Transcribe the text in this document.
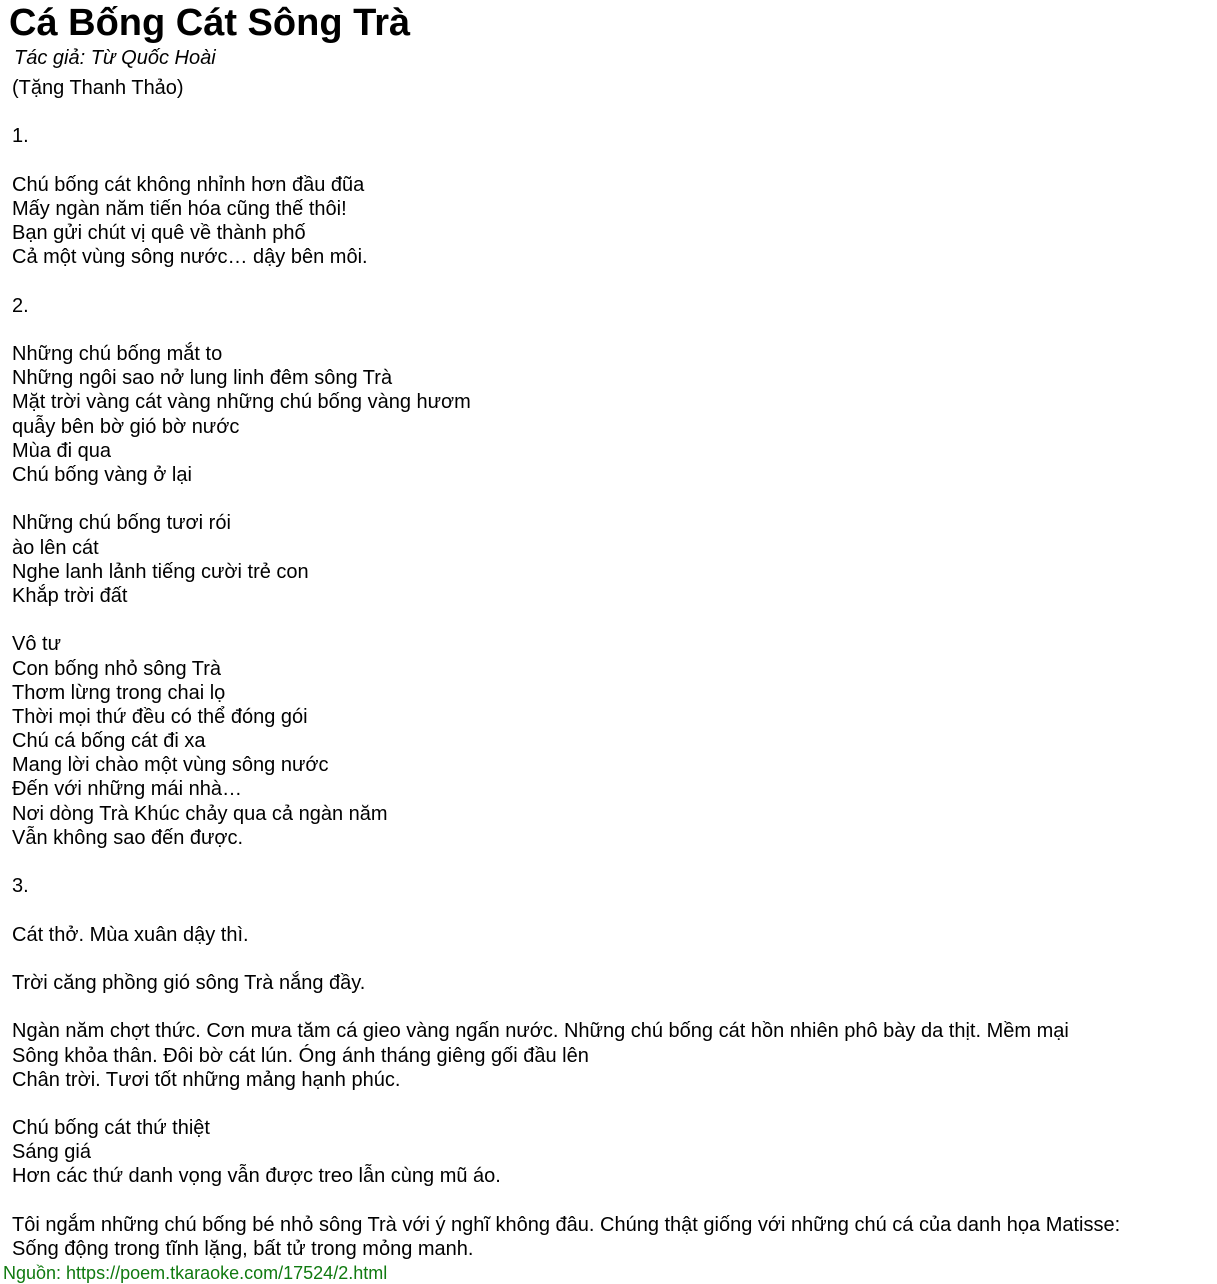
Cá Bống Cát Sông Trà
Tác giả: Từ Quốc Hoài
(Tặng Thanh Thảo)
1.
Chú bống cát không nhỉnh hơn đầu đũa
Mấy ngàn năm tiến hóa cũng thế thôi!
Bạn gửi chút vị quê về thành phố
Cả một vùng sông nước… dậy bên môi.
2.
Những chú bống mắt to
Những ngôi sao nở lung linh đêm sông Trà
Mặt trời vàng cát vàng những chú bống vàng hươm
quẫy bên bờ gió bờ nước
Mùa đi qua
Chú bống vàng ở lại
Những chú bống tươi rói
ào lên cát
Nghe lanh lảnh tiếng cười trẻ con
Khắp trời đất
Vô tư
Con bống nhỏ sông Trà
Thơm lừng trong chai lọ
Thời mọi thứ đều có thể đóng gói
Chú cá bống cát đi xa
Mang lời chào một vùng sông nước
Đến với những mái nhà…
Nơi dòng Trà Khúc chảy qua cả ngàn năm
Vẫn không sao đến được.
3.
Cát thở. Mùa xuân dậy thì.
Trời căng phồng gió sông Trà nắng đầy.
Ngàn năm chợt thức. Cơn mưa tăm cá gieo vàng ngấn nước. Những chú bống cát hồn nhiên phô bày da thịt. Mềm mại
Sông khỏa thân. Đôi bờ cát lún. Óng ánh tháng giêng gối đầu lên
Chân trời. Tươi tốt những mảng hạnh phúc.
Chú bống cát thứ thiệt
Sáng giá
Hơn các thứ danh vọng vẫn được treo lẫn cùng mũ áo.
Tôi ngắm những chú bống bé nhỏ sông Trà với ý nghĩ không đâu. Chúng thật giống với những chú cá của danh họa Matisse:
Sống động trong tĩnh lặng, bất tử trong mỏng manh.
Nguồn: https://poem.tkaraoke.com/17524/2.html
